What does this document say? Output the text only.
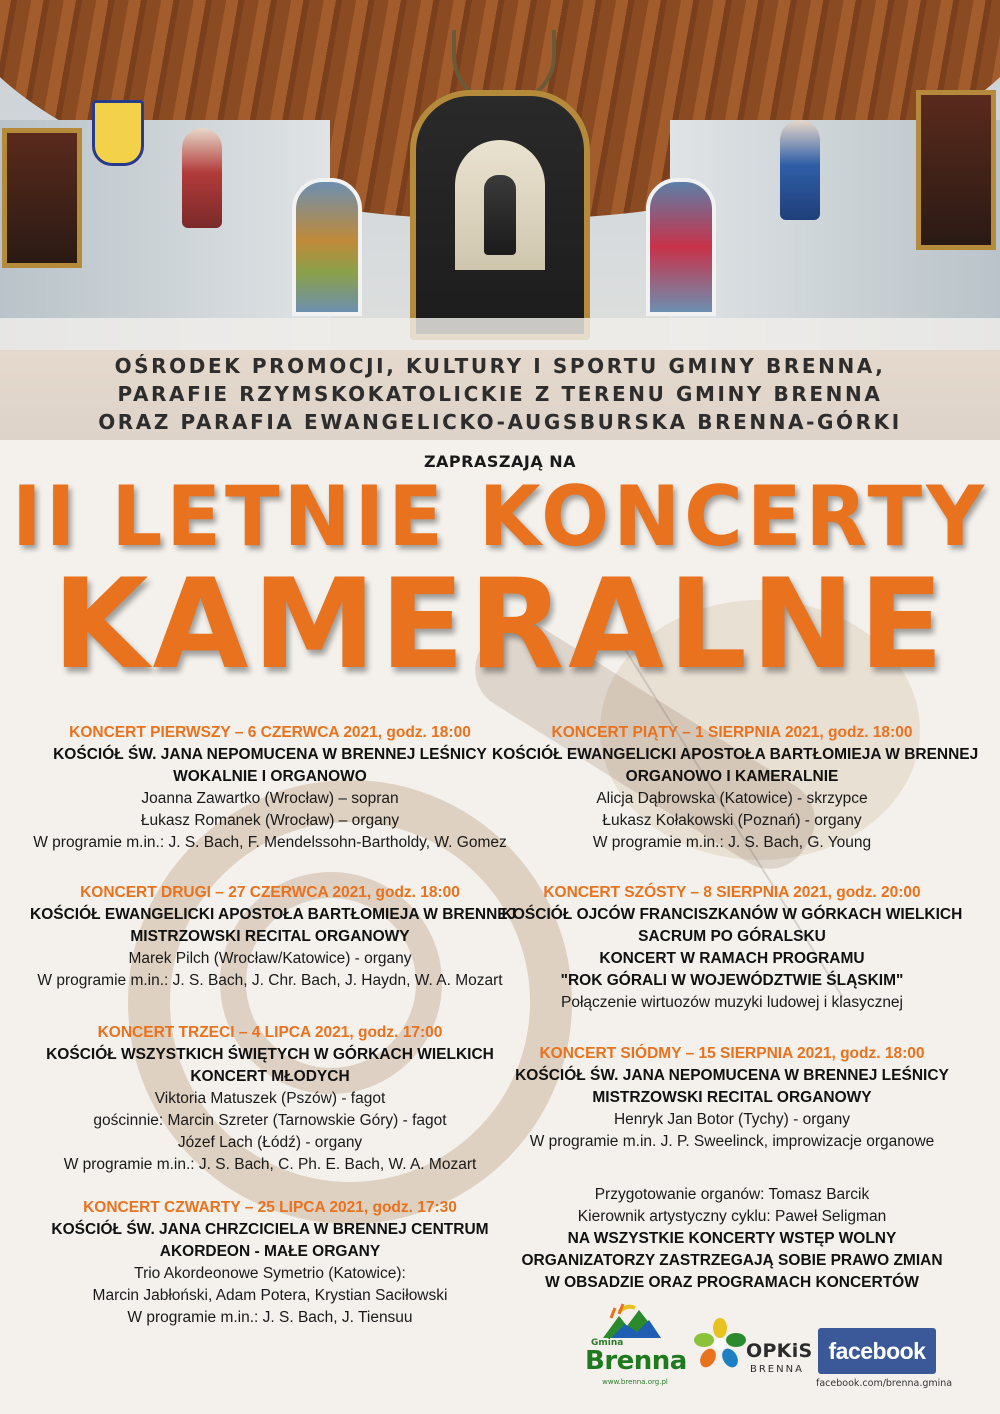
OŚRODEK PROMOCJI, KULTURY I SPORTU GMINY BRENNA,
PARAFIE RZYMSKOKATOLICKIE Z TERENU GMINY BRENNA
ORAZ PARAFIA EWANGELICKO-AUGSBURSKA BRENNA-GÓRKI
ZAPRASZAJĄ NA
II LETNIE KONCERTY
KAMERALNE
KONCERT PIERWSZY – 6 CZERWCA 2021, godz. 18:00
KOŚCIÓŁ ŚW. JANA NEPOMUCENA W BRENNEJ LEŚNICY
WOKALNIE I ORGANOWO
Joanna Zawartko (Wrocław) – sopran
Łukasz Romanek (Wrocław) – organy
W programie m.in.: J. S. Bach, F. Mendelssohn-Bartholdy, W. Gomez
KONCERT DRUGI – 27 CZERWCA 2021, godz. 18:00
KOŚCIÓŁ EWANGELICKI APOSTOŁA BARTŁOMIEJA W BRENNEJ
MISTRZOWSKI RECITAL ORGANOWY
Marek Pilch (Wrocław/Katowice) - organy
W programie m.in.: J. S. Bach, J. Chr. Bach, J. Haydn, W. A. Mozart
KONCERT TRZECI – 4 LIPCA 2021, godz. 17:00
KOŚCIÓŁ WSZYSTKICH ŚWIĘTYCH W GÓRKACH WIELKICH
KONCERT MŁODYCH
Viktoria Matuszek (Pszów) - fagot
gościnnie: Marcin Szreter (Tarnowskie Góry) - fagot
Józef Lach (Łódź) - organy
W programie m.in.: J. S. Bach, C. Ph. E. Bach, W. A. Mozart
KONCERT CZWARTY – 25 LIPCA 2021, godz. 17:30
KOŚCIÓŁ ŚW. JANA CHRZCICIELA W BRENNEJ CENTRUM
AKORDEON - MAŁE ORGANY
Trio Akordeonowe Symetrio (Katowice):
Marcin Jabłoński, Adam Potera, Krystian Saciłowski
W programie m.in.: J. S. Bach, J. Tiensuu
KONCERT PIĄTY – 1 SIERPNIA 2021, godz. 18:00
KOŚCIÓŁ EWANGELICKI APOSTOŁA BARTŁOMIEJA W BRENNEJ
ORGANOWO I KAMERALNIE
Alicja Dąbrowska (Katowice) - skrzypce
Łukasz Kołakowski (Poznań) - organy
W programie m.in.: J. S. Bach, G. Young
KONCERT SZÓSTY – 8 SIERPNIA 2021, godz. 20:00
KOŚCIÓŁ OJCÓW FRANCISZKANÓW W GÓRKACH WIELKICH
SACRUM PO GÓRALSKU
KONCERT W RAMACH PROGRAMU
"ROK GÓRALI W WOJEWÓDZTWIE ŚLĄSKIM"
Połączenie wirtuozów muzyki ludowej i klasycznej
KONCERT SIÓDMY – 15 SIERPNIA 2021, godz. 18:00
KOŚCIÓŁ ŚW. JANA NEPOMUCENA W BRENNEJ LEŚNICY
MISTRZOWSKI RECITAL ORGANOWY
Henryk Jan Botor (Tychy) - organy
W programie m.in. J. P. Sweelinck, improwizacje organowe
Przygotowanie organów: Tomasz Barcik
Kierownik artystyczny cyklu: Paweł Seligman
NA WSZYSTKIE KONCERTY WSTĘP WOLNY
ORGANIZATORZY ZASTRZEGAJĄ SOBIE PRAWO ZMIAN
W OBSADZIE ORAZ PROGRAMACH KONCERTÓW
Gmina
Brenna
www.brenna.org.pl
OPKiS
BRENNA
facebook
facebook.com/brenna.gmina
